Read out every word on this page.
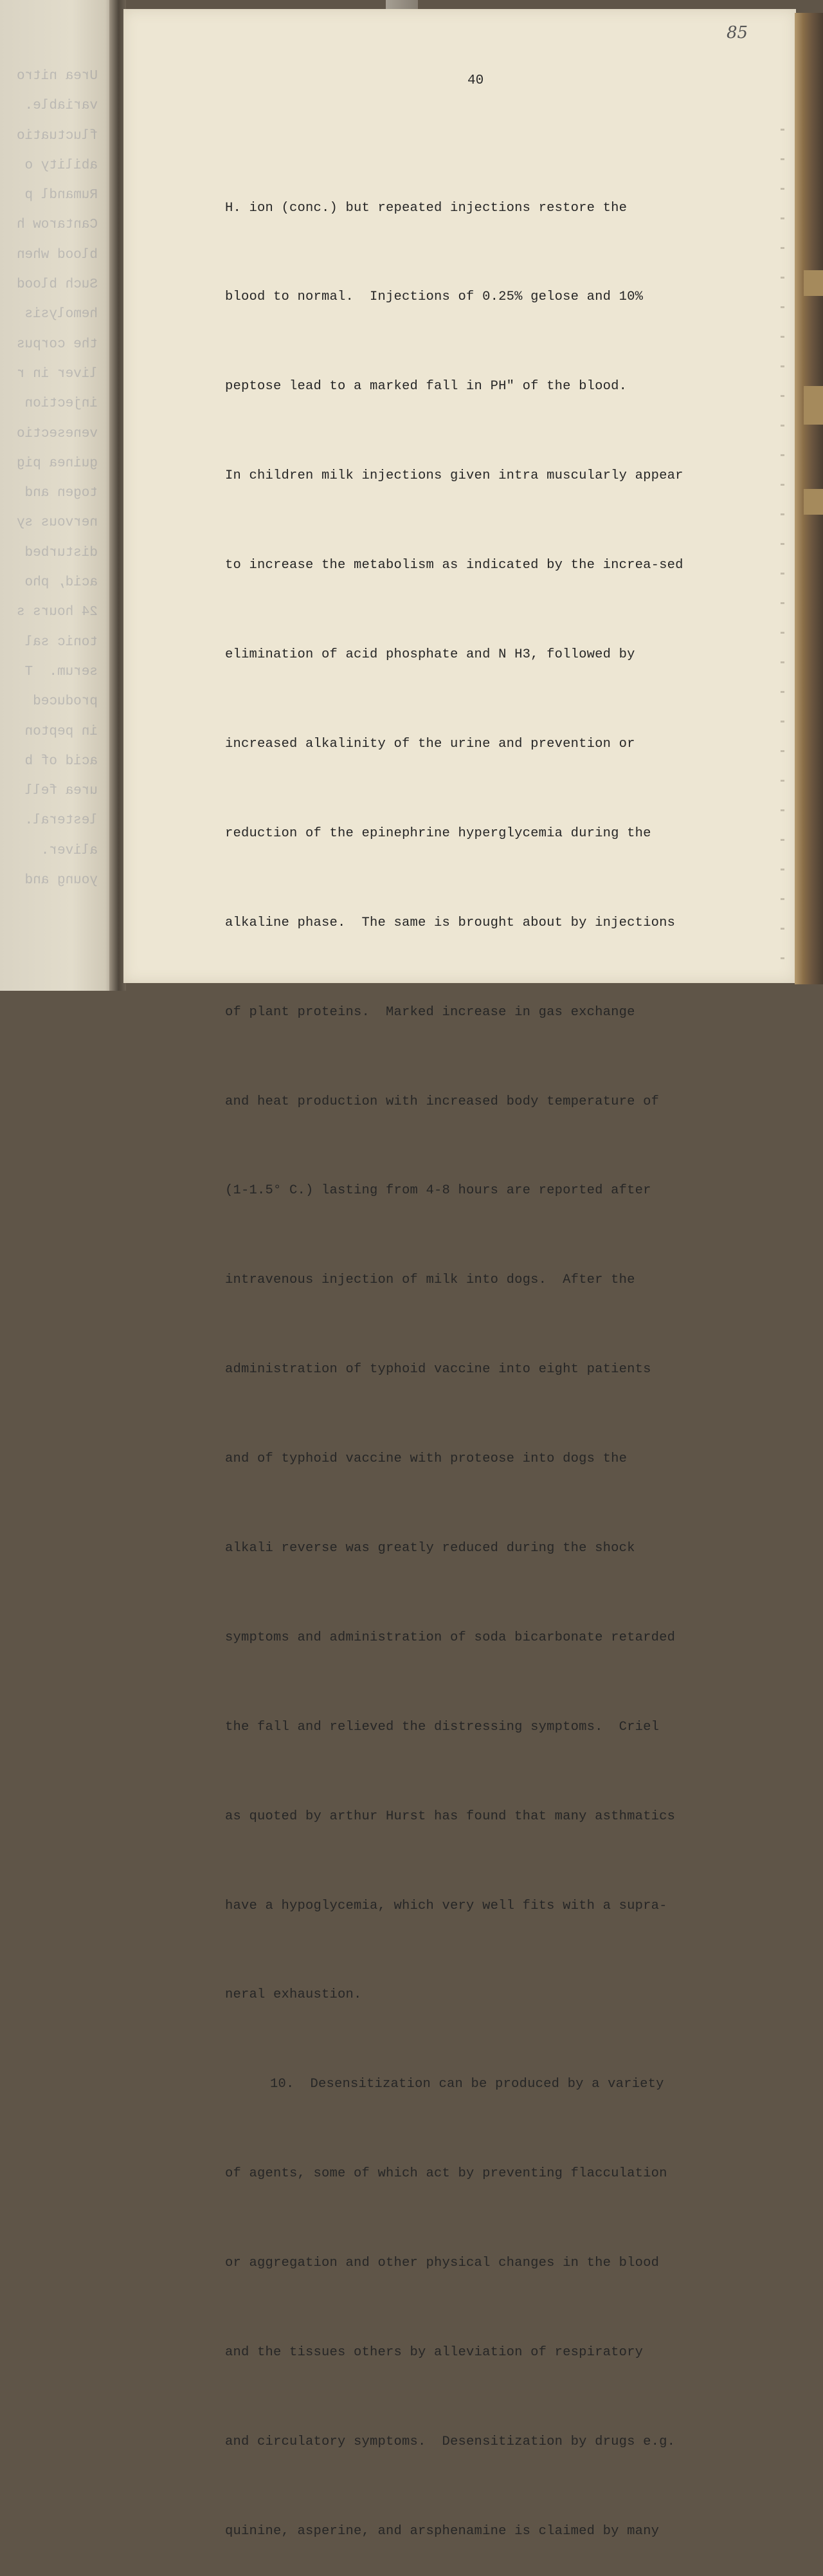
Urea nitro
variable.
fluctuatio
ability o
Rumandl p
Cantarow h
blood when
Such blood
hemolysis
the corpus
liver in r
injection
venesectio
guinea pig
togen and
nervous sy
disturbed
acid, pho
24 hours s
tonic sal
serum.  T
produced
in pepton
acid of b
urea fell
lesteral.
aliver.
young and
85
40

H. ion (conc.) but repeated injections restore the

blood to normal.  Injections of 0.25% gelose and 10%

peptose lead to a marked fall in PH" of the blood.

In children milk injections given intra muscularly appear

to increase the metabolism as indicated by the increa-sed

elimination of acid phosphate and N H3, followed by

increased alkalinity of the urine and prevention or

reduction of the epinephrine hyperglycemia during the

alkaline phase.  The same is brought about by injections

of plant proteins.  Marked increase in gas exchange

and heat production with increased body temperature of

(1-1.5° C.) lasting from 4-8 hours are reported after

intravenous injection of milk into dogs.  After the

administration of typhoid vaccine into eight patients

and of typhoid vaccine with proteose into dogs the

alkali reverse was greatly reduced during the shock

symptoms and administration of soda bicarbonate retarded

the fall and relieved the distressing symptoms.  Criel

as quoted by arthur Hurst has found that many asthmatics

have a hypoglycemia, which very well fits with a supra-

neral exhaustion.

10.  Desensitization can be produced by a variety

of agents, some of which act by preventing flacculation

or aggregation and other physical changes in the blood

and the tissues others by alleviation of respiratory

and circulatory symptoms.  Desensitization by drugs e.g.

quinine, asperine, and arsphenamine is claimed by many
